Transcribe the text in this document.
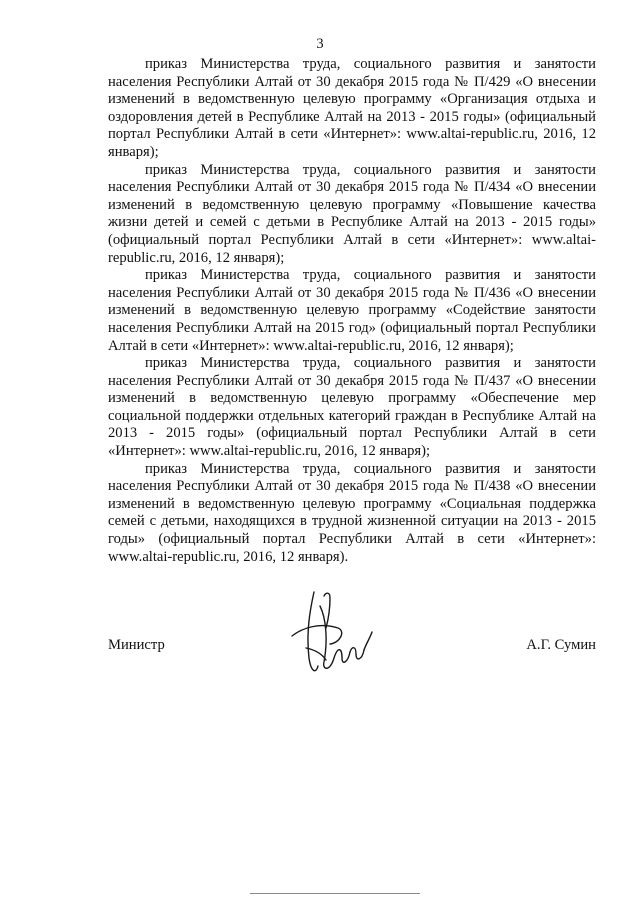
3

приказ Министерства труда, социального развития и занятости населения Республики Алтай от 30 декабря 2015 года № П/429 «О внесении изменений в ведомственную целевую программу «Организация отдыха и оздоровления детей в Республике Алтай на 2013 - 2015 годы» (официальный портал Республики Алтай в сети «Интернет»: www.altai-republic.ru, 2016, 12 января);

приказ Министерства труда, социального развития и занятости населения Республики Алтай от 30 декабря 2015 года № П/434 «О внесении изменений в ведомственную целевую программу «Повышение качества жизни детей и семей с детьми в Республике Алтай на 2013 - 2015 годы» (официальный портал Республики Алтай в сети «Интернет»: www.altai-republic.ru, 2016, 12 января);

приказ Министерства труда, социального развития и занятости населения Республики Алтай от 30 декабря 2015 года № П/436 «О внесении изменений в ведомственную целевую программу «Содействие занятости населения Республики Алтай на 2015 год» (официальный портал Республики Алтай в сети «Интернет»: www.altai-republic.ru, 2016, 12 января);

приказ Министерства труда, социального развития и занятости населения Республики Алтай от 30 декабря 2015 года № П/437 «О внесении изменений в ведомственную целевую программу «Обеспечение мер социальной поддержки отдельных категорий граждан в Республике Алтай на 2013 - 2015 годы» (официальный портал Республики Алтай в сети «Интернет»: www.altai-republic.ru, 2016, 12 января);

приказ Министерства труда, социального развития и занятости населения Республики Алтай от 30 декабря 2015 года № П/438 «О внесении изменений в ведомственную целевую программу «Социальная поддержка семей с детьми, находящихся в трудной жизненной ситуации на 2013 - 2015 годы» (официальный портал Республики Алтай в сети «Интернет»: www.altai-republic.ru, 2016, 12 января).

Министр	А.Г. Сумин
